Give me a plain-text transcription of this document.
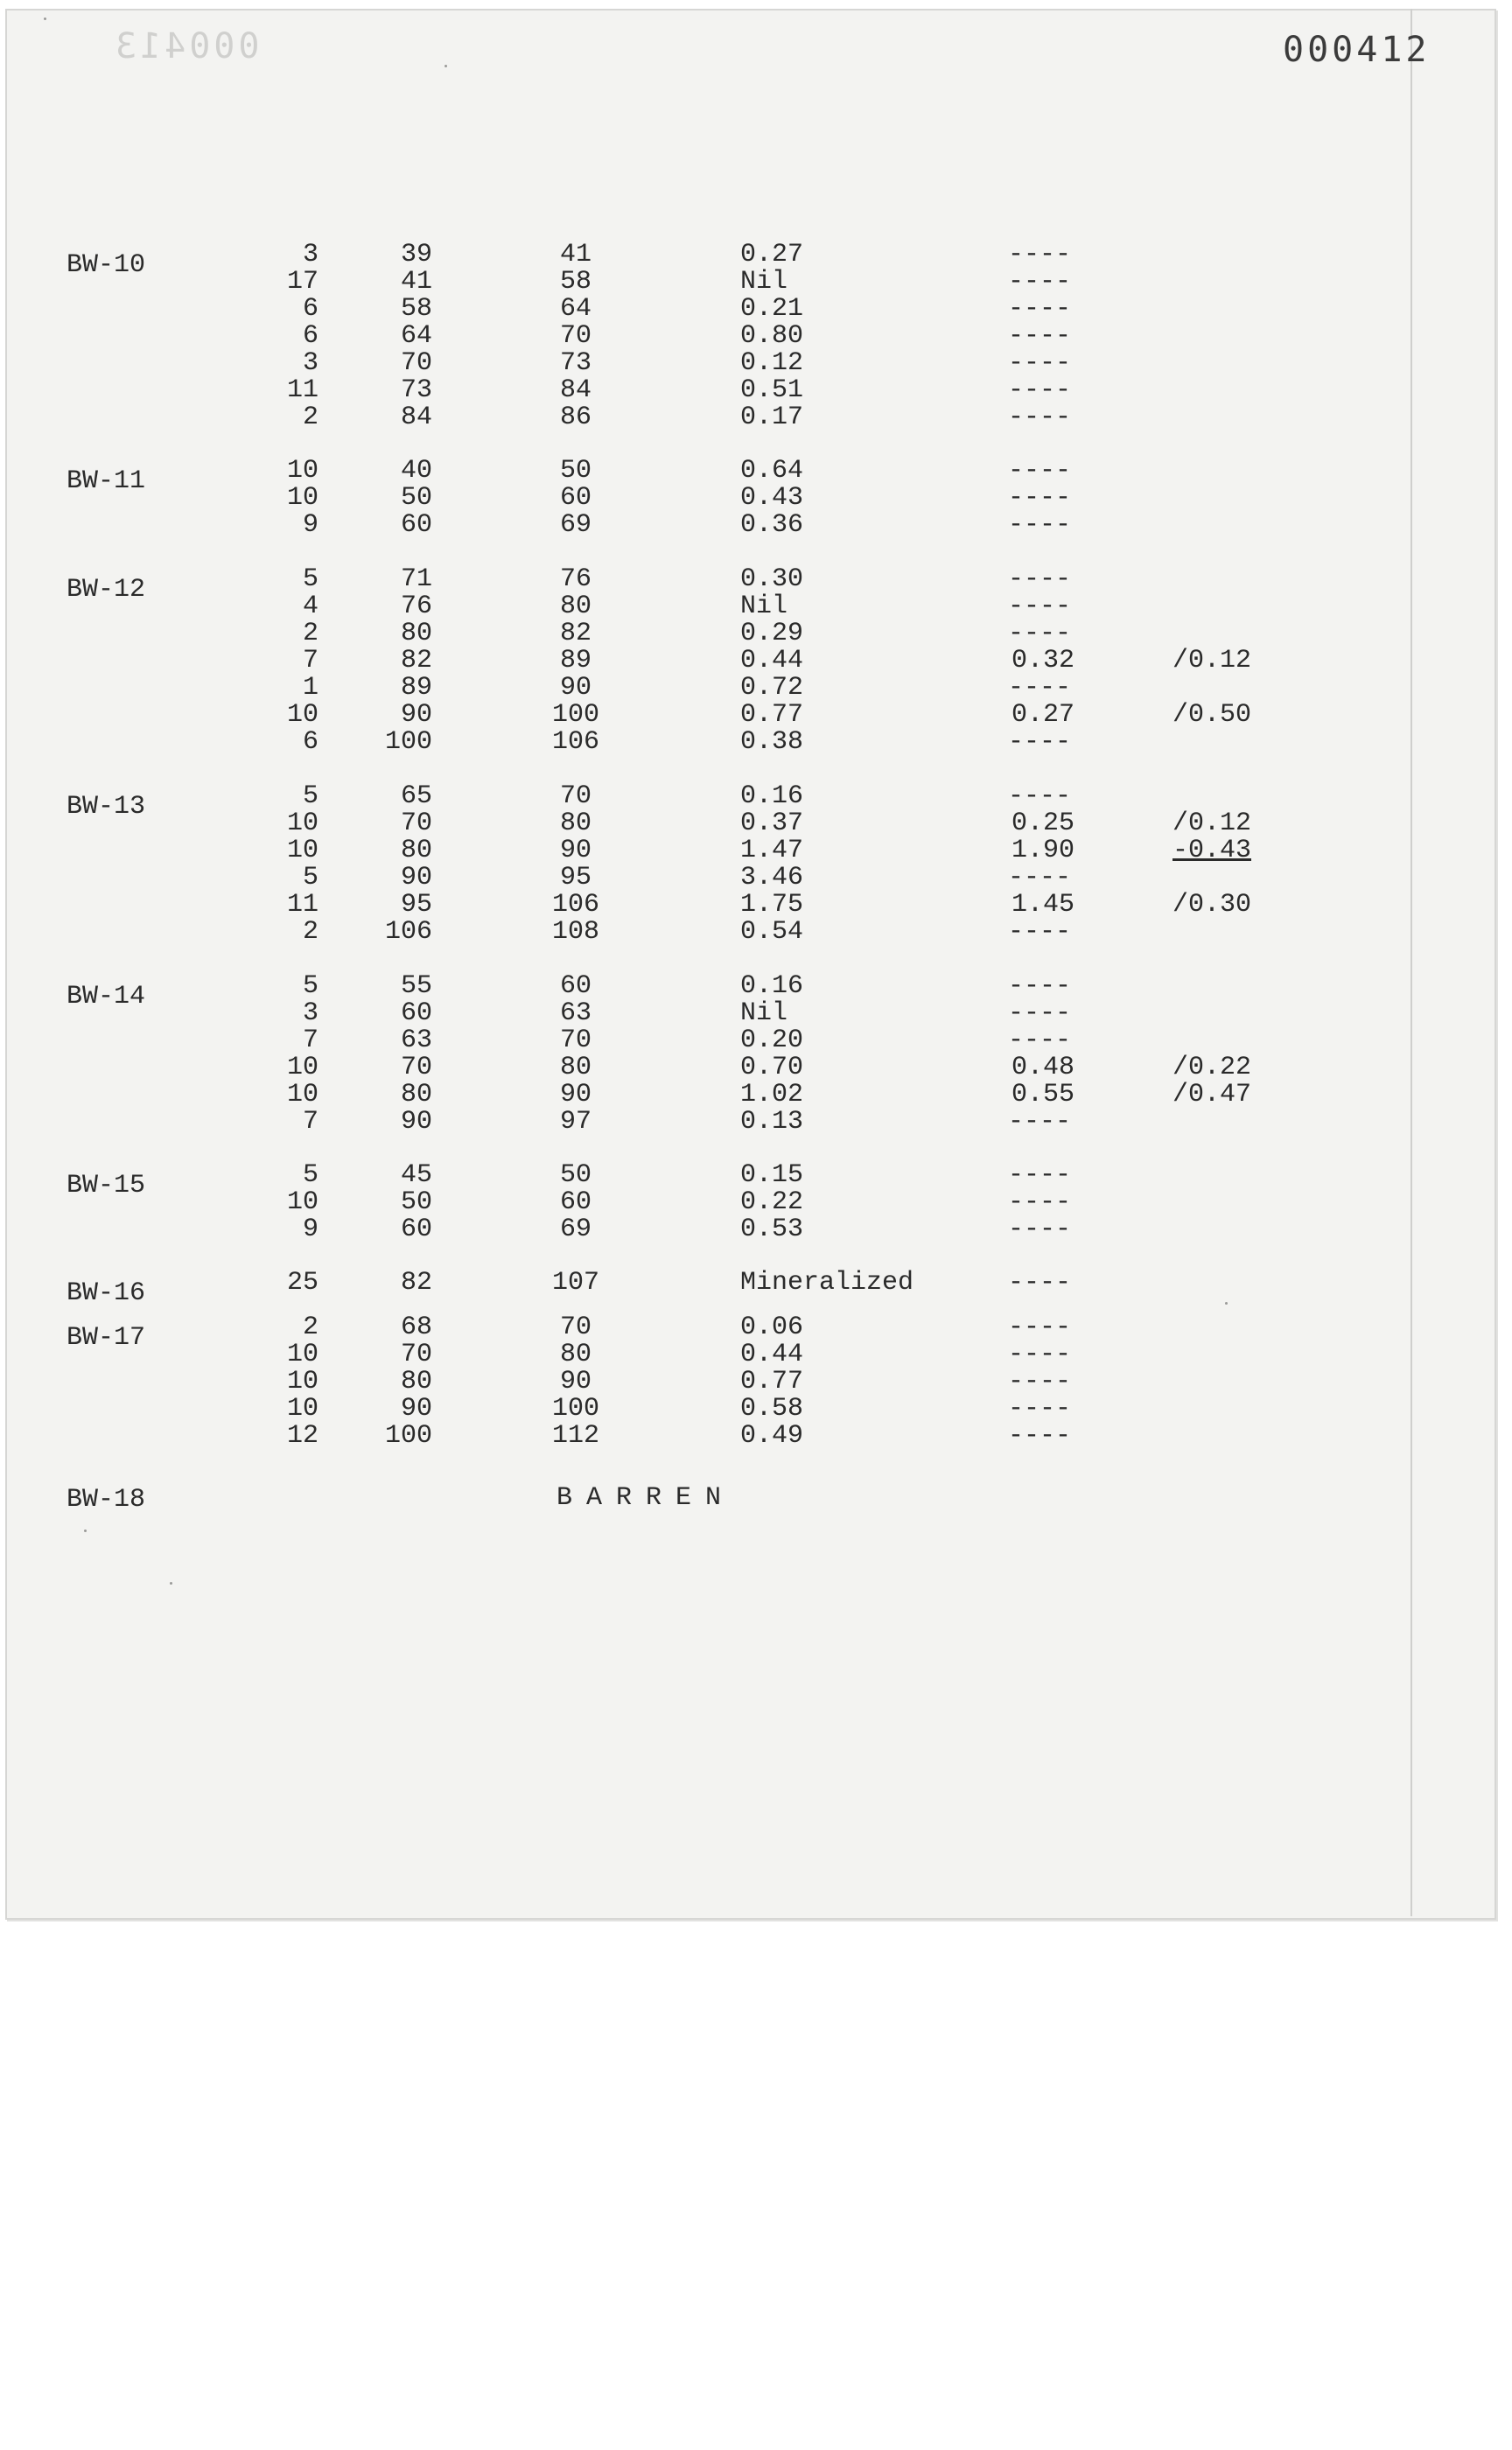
000413	000412
BW-10	3	39	41	0.27	----
17	41	58	Nil	----
6	58	64	0.21	----
6	64	70	0.80	----
3	70	73	0.12	----
11	73	84	0.51	----
2	84	86	0.17	----
BW-11	10	40	50	0.64	----
10	50	60	0.43	----
9	60	69	0.36	----
BW-12	5	71	76	0.30	----
4	76	80	Nil	----
2	80	82	0.29	----
7	82	89	0.44	0.32	/0.12
1	89	90	0.72	----
10	90	100	0.77	0.27	/0.50
6	100	106	0.38	----
BW-13	5	65	70	0.16	----
10	70	80	0.37	0.25	/0.12
10	80	90	1.47	1.90	-0.43
5	90	95	3.46	----
11	95	106	1.75	1.45	/0.30
2	106	108	0.54	----
BW-14	5	55	60	0.16	----
3	60	63	Nil	----
7	63	70	0.20	----
10	70	80	0.70	0.48	/0.22
10	80	90	1.02	0.55	/0.47
7	90	97	0.13	----
BW-15	5	45	50	0.15	----
10	50	60	0.22	----
9	60	69	0.53	----
BW-16	25	82	107	Mineralized	----
BW-17	2	68	70	0.06	----
10	70	80	0.44	----
10	80	90	0.77	----
10	90	100	0.58	----
12	100	112	0.49	----
BW-18	BARREN
